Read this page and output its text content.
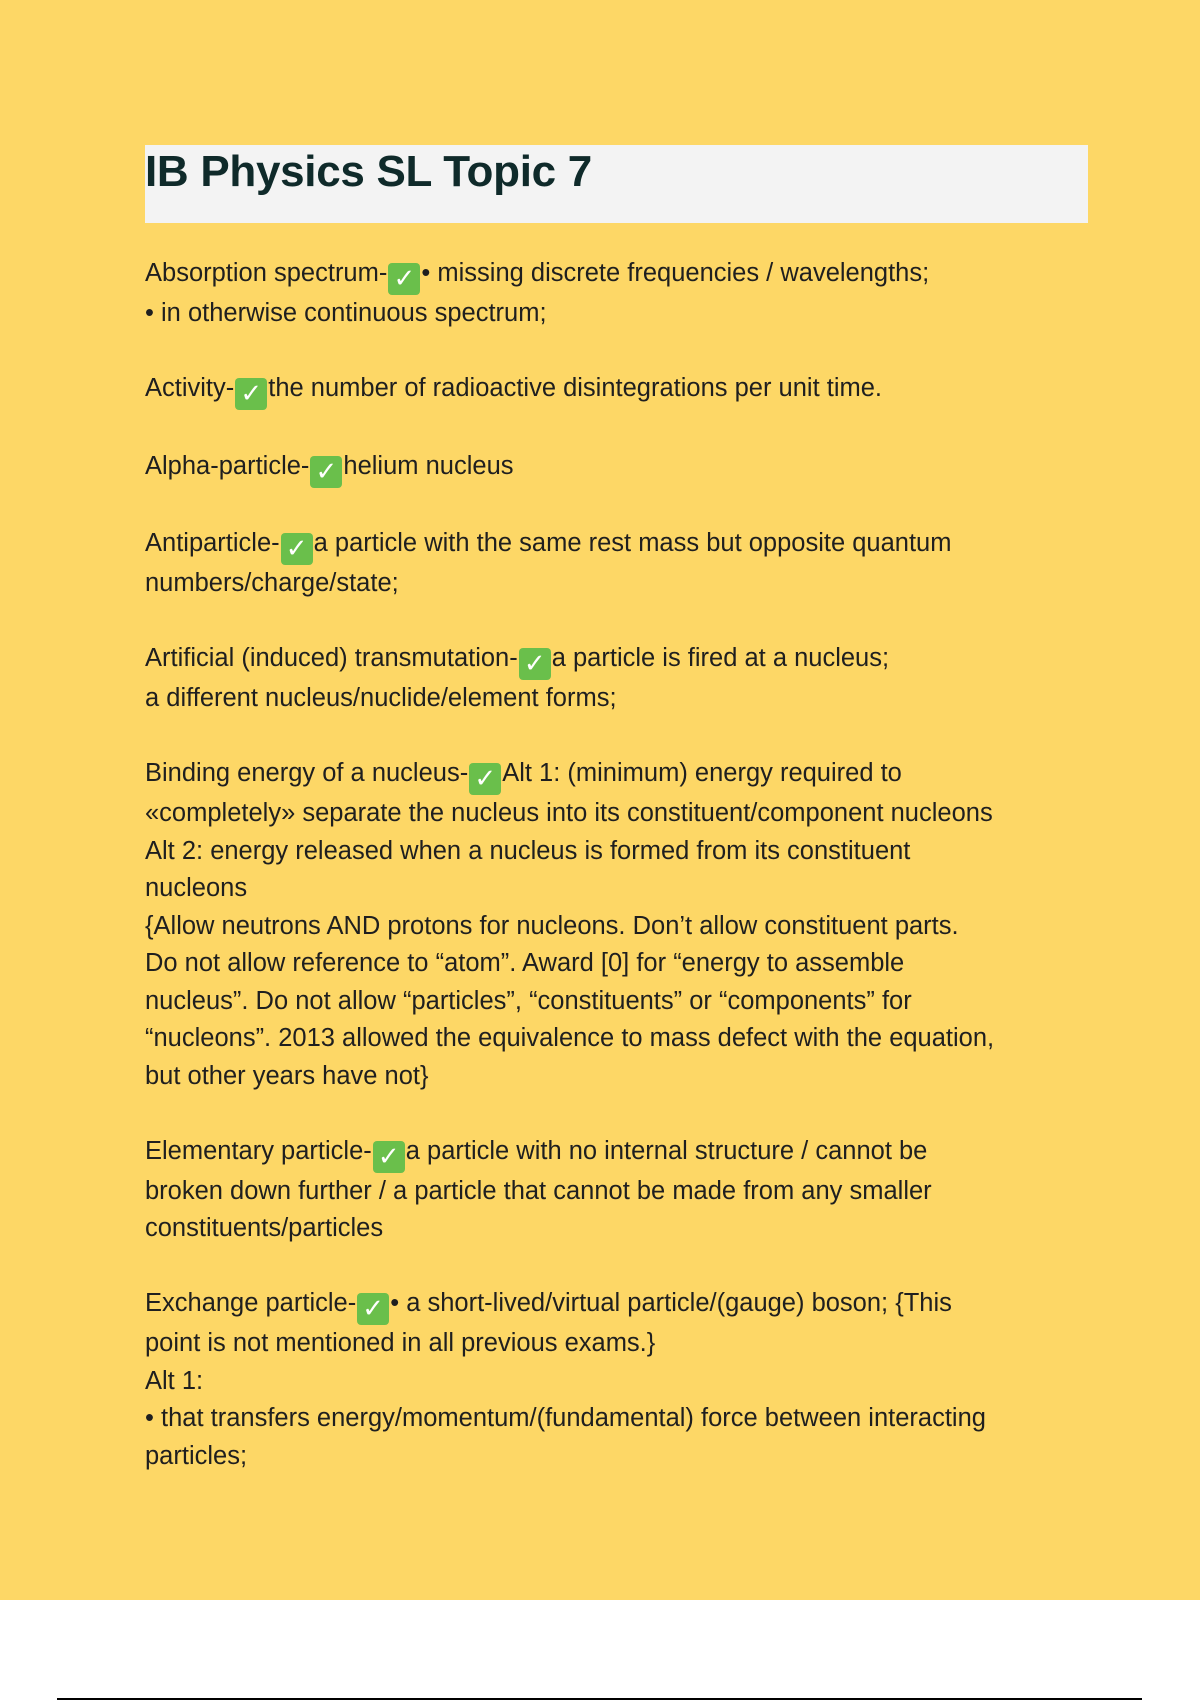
IB Physics SL Topic 7
Absorption spectrum- ✓ • missing discrete frequencies / wavelengths;
• in otherwise continuous spectrum;
Activity- ✓ the number of radioactive disintegrations per unit time.
Alpha-particle- ✓ helium nucleus
Antiparticle- ✓ a particle with the same rest mass but opposite quantum
numbers/charge/state;
Artificial (induced) transmutation- ✓ a particle is fired at a nucleus;
a different nucleus/nuclide/element forms;
Binding energy of a nucleus- ✓ Alt 1: (minimum) energy required to
«completely» separate the nucleus into its constituent/component nucleons
Alt 2: energy released when a nucleus is formed from its constituent
nucleons
{Allow neutrons AND protons for nucleons. Don’t allow constituent parts.
Do not allow reference to “atom”. Award [0] for “energy to assemble
nucleus”. Do not allow “particles”, “constituents” or “components” for
“nucleons”. 2013 allowed the equivalence to mass defect with the equation,
but other years have not}
Elementary particle- ✓ a particle with no internal structure / cannot be
broken down further / a particle that cannot be made from any smaller
constituents/particles
Exchange particle- ✓ • a short-lived/virtual particle/(gauge) boson; {This
point is not mentioned in all previous exams.}
Alt 1:
• that transfers energy/momentum/(fundamental) force between interacting
particles;
